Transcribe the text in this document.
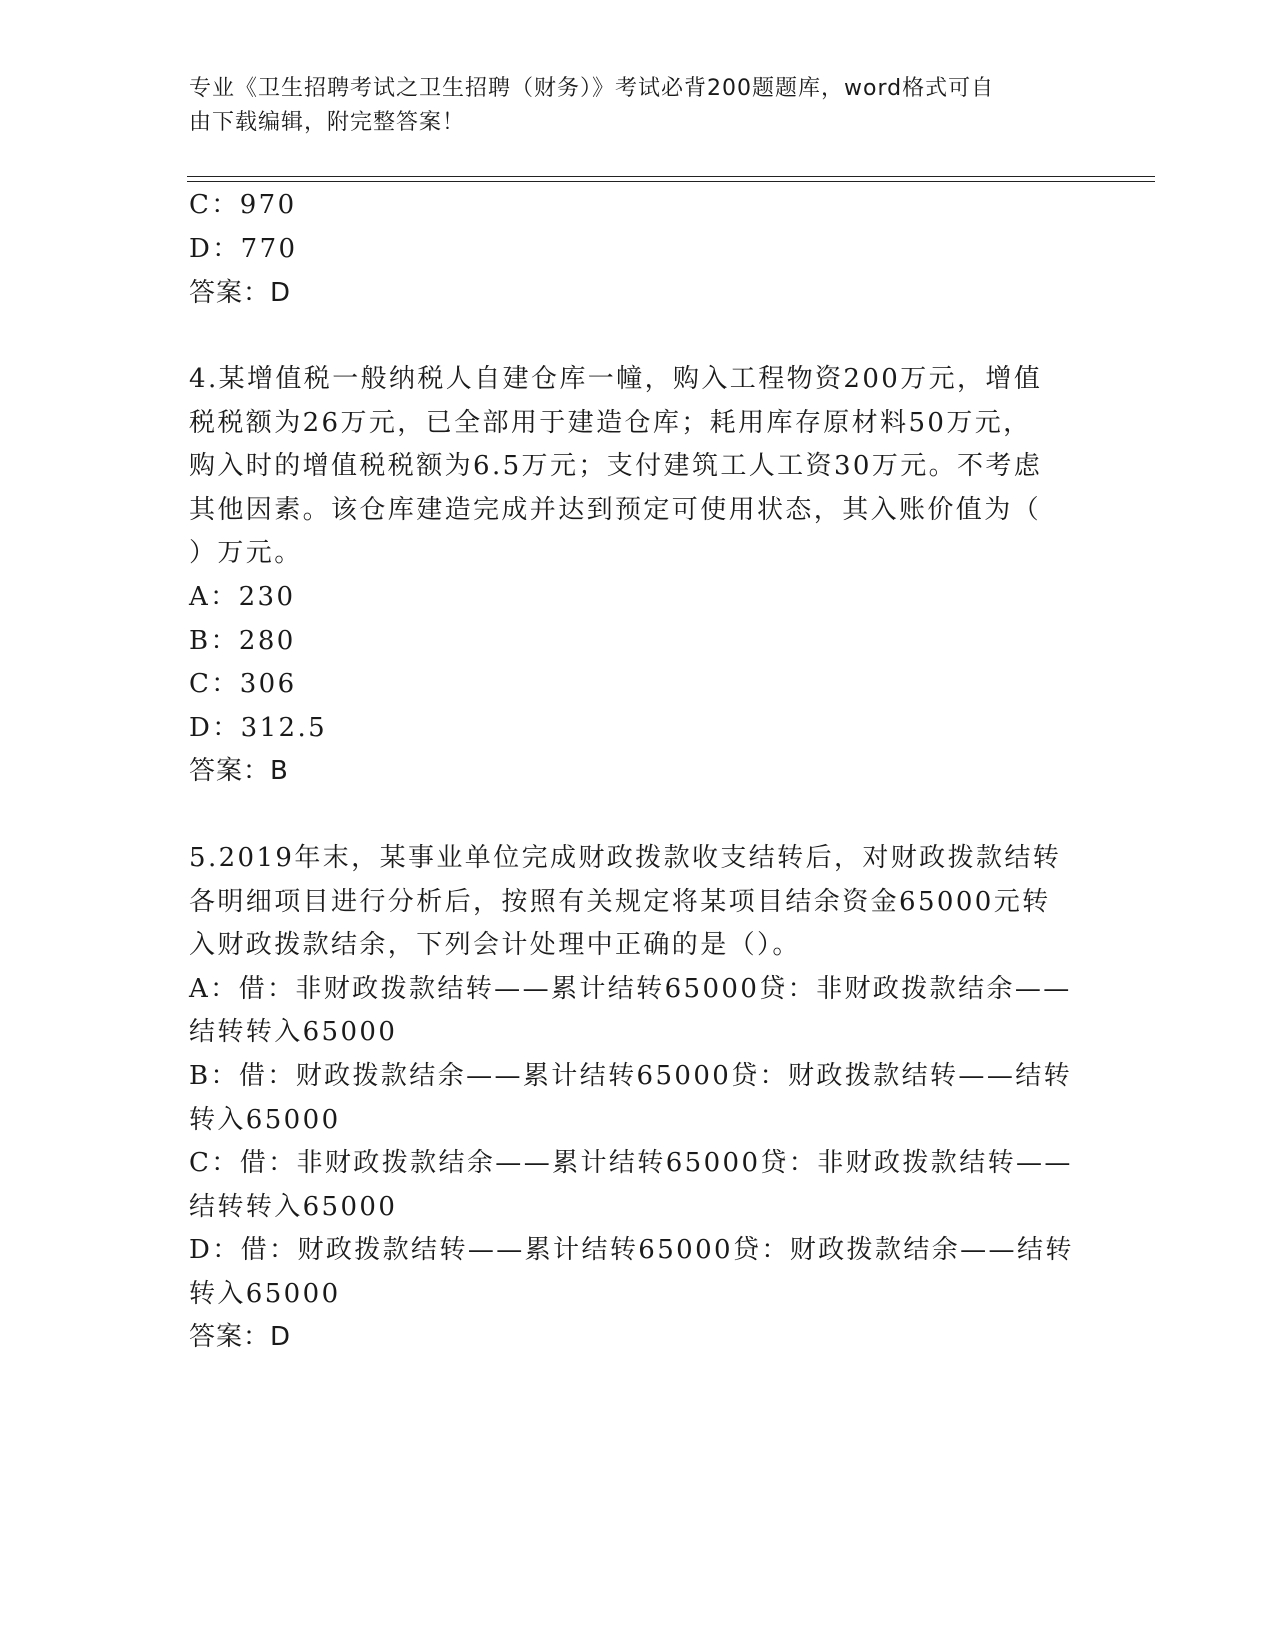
专业《卫生招聘考试之卫生招聘（财务）》考试必背200题题库，word格式可自
由下载编辑，附完整答案！
C：970
D：770
答案：D
4.某增值税一般纳税人自建仓库一幢，购入工程物资200万元，增值
税税额为26万元，已全部用于建造仓库；耗用库存原材料50万元，
购入时的增值税税额为6.5万元；支付建筑工人工资30万元。不考虑
其他因素。该仓库建造完成并达到预定可使用状态，其入账价值为（
）万元。
A：230
B：280
C：306
D：312.5
答案：B
5.2019年末，某事业单位完成财政拨款收支结转后，对财政拨款结转
各明细项目进行分析后，按照有关规定将某项目结余资金65000元转
入财政拨款结余，下列会计处理中正确的是（）。
A：借：非财政拨款结转——累计结转65000贷：非财政拨款结余——
结转转入65000
B：借：财政拨款结余——累计结转65000贷：财政拨款结转——结转
转入65000
C：借：非财政拨款结余——累计结转65000贷：非财政拨款结转——
结转转入65000
D：借：财政拨款结转——累计结转65000贷：财政拨款结余——结转
转入65000
答案：D
